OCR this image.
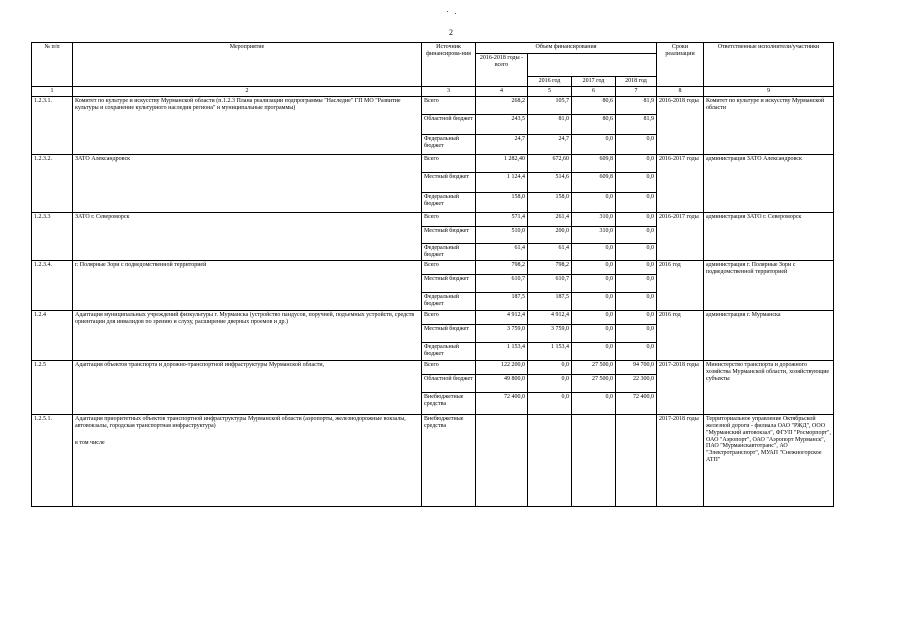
2
№ п/п	Мероприятие	Источник финансирова-ния	Объем финансирования				Сроки реализации	Ответственные исполнители/участники
			2016-2018 годы - всего					
				2016 год	2017 год	2018 год		
1	2	3	4	5	6	7	8	9
1.2.3.1.	Комитет по культуре и искусству Мурманской области (п.1.2.3 Плана реализации подпрограммы "Наследие" ГП МО "Развитие культуры и сохранение культурного наследия региона" и муниципальные программы)	Всего	268,2	105,7	80,6	81,9	2016-2018 годы	Комитет по культуре и искусству Мурманской области
		Областной бюджет	243,5	81,0	80,6	81,9		
		Федеральный бюджет	24,7	24,7	0,0	0,0		
1.2.3.2.	ЗАТО Александровск	Всего	1 282,40	672,60	609,8	0,0	2016-2017 годы	администрация ЗАТО Александровск
		Местный бюджет	1 124,4	514,6	609,8	0,0		
		Федеральный бюджет	158,0	158,0	0,0	0,0		
1.2.3.3	ЗАТО г. Североморск	Всего	571,4	261,4	310,0	0,0	2016-2017 годы	администрация ЗАТО г. Североморск
		Местный бюджет	510,0	200,0	310,0	0,0		
		Федеральный бюджет	61,4	61,4	0,0	0,0		
1.2.3.4.	г. Полярные Зори с подведомственной территорией	Всего	798,2	798,2	0,0	0,0	2016 год	администрация г. Полярные Зори с подведомственной территорией
		Местный бюджет	610,7	610,7	0,0	0,0		
		Федеральный бюджет	187,5	187,5	0,0	0,0		
1.2.4	Адаптация муниципальных учреждений физкультуры г. Мурманска (устройство пандусов, поручней, подъемных устройств, средств ориентации для инвалидов по зрению и слуху, расширение дверных проемов и др.)	Всего	4 912,4	4 912,4	0,0	0,0	2016 год	администрация г. Мурманска
		Местный бюджет	3 759,0	3 759,0	0,0	0,0		
		Федеральный бюджет	1 153,4	1 153,4	0,0	0,0		
1.2.5	Адаптация объектов транспорта и дорожно-транспортной инфраструктуры Мурманской области,	Всего	122 200,0	0,0	27 500,0	94 700,0	2017-2018 годы	Министерство транспорта и дорожного хозяйства Мурманской области, хозяйствующие субъекты
		Областной бюджет	49 800,0	0,0	27 500,0	22 300,0		
		Внебюджетные средства	72 400,0	0,0	0,0	72 400,0		
1.2.5.1.	Адаптация приоритетных объектов транспортной инфраструктуры Мурманской области (аэропорты, железнодорожные вокзалы, автовокзалы, городская транспортная инфраструктура)	Внебюджетные средства					2017-2018 годы	Территориальное управление Октябрьской железной дороги - филиала ОАО "РЖД", ООО "Мурманский автовокзал", ФГУП "Росморпорт", ОАО "Аэропорт", ОАО "Аэропорт Мурманск", ПАО "Мурманскавтотранс", АО "Электротранспорт", МУАП "Снежногорское АТП"
в том числе
